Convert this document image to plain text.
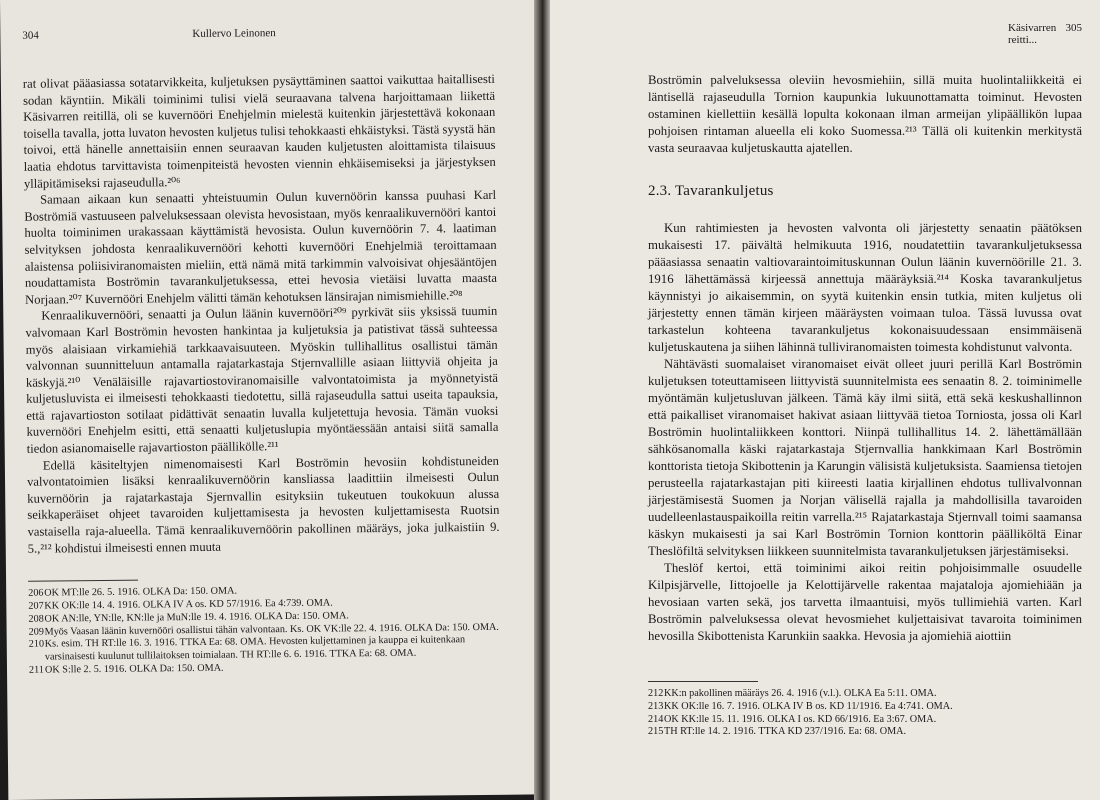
304	Kullervo Leinonen

rat olivat pääasiassa sotatarvikkeita, kuljetuksen pysäyttäminen saattoi vaikuttaa haitallisesti sodan käyntiin. Mikäli toiminimi tulisi vielä seuraavana talvena harjoittamaan liikettä Käsivarren reitillä, oli se kuvernööri Enehjelmin mielestä kuitenkin järjestettävä kokonaan toisella tavalla, jotta luvaton hevosten kuljetus tulisi tehokkaasti ehkäistyksi. Tästä syystä hän toivoi, että hänelle annettaisiin ennen seuraavan kauden kuljetusten aloittamista tilaisuus laatia ehdotus tarvittavista toimenpiteistä hevosten viennin ehkäisemiseksi ja järjestyksen ylläpitämiseksi rajaseudulla.²⁰⁶

Samaan aikaan kun senaatti yhteistuumin Oulun kuvernöörin kanssa puuhasi Karl Boströmiä vastuuseen palveluksessaan olevista hevosistaan, myös kenraalikuvernööri kantoi huolta toiminimen urakassaan käyttämistä hevosista. Oulun kuvernöörin 7. 4. laatiman selvityksen johdosta kenraalikuvernööri kehotti kuvernööri Enehjelmiä teroittamaan alaistensa poliisiviranomaisten mieliin, että nämä mitä tarkimmin valvoisivat ohjesääntöjen noudattamista Boströmin tavarankuljetuksessa, ettei hevosia vietäisi luvatta maasta Norjaan.²⁰⁷ Kuvernööri Enehjelm välitti tämän kehotuksen länsirajan nimismiehille.²⁰⁸

Kenraalikuvernööri, senaatti ja Oulun läänin kuvernööri²⁰⁹ pyrkivät siis yksissä tuumin valvomaan Karl Boströmin hevosten hankintaa ja kuljetuksia ja patistivat tässä suhteessa myös alaisiaan virkamiehiä tarkkaavaisuuteen. Myöskin tullihallitus osallistui tämän valvonnan suunnitteluun antamalla rajatarkastaja Stjernvallille asiaan liittyviä ohjeita ja käskyjä.²¹⁰ Venäläisille rajavartiostoviranomaisille valvontatoimista ja myönnetyistä kuljetusluvista ei ilmeisesti tehokkaasti tiedotettu, sillä rajaseudulla sattui useita tapauksia, että rajavartioston sotilaat pidättivät senaatin luvalla kuljetettuja hevosia. Tämän vuoksi kuvernööri Enehjelm esitti, että senaatti kuljetuslupia myöntäessään antaisi siitä samalla tiedon asianomaiselle rajavartioston päällikölle.²¹¹

Edellä käsiteltyjen nimenomaisesti Karl Boströmin hevosiin kohdistuneiden valvontatoimien lisäksi kenraalikuvernöörin kansliassa laadittiin ilmeisesti Oulun kuvernöörin ja rajatarkastaja Sjernvallin esityksiin tukeutuen toukokuun alussa seikkaperäiset ohjeet tavaroiden kuljettamisesta ja hevosten kuljettamisesta Ruotsin vastaisella raja-alueella. Tämä kenraalikuvernöörin pakollinen määräys, joka julkaistiin 9. 5.,²¹² kohdistui ilmeisesti ennen muuta

206OK MT:lle 26. 5. 1916. OLKA Da: 150. OMA.

207KK OK:lle 14. 4. 1916. OLKA IV A os. KD 57/1916. Ea 4:739. OMA.

208OK AN:lle, YN:lle, KN:lle ja MuN:lle 19. 4. 1916. OLKA Da: 150. OMA.

209Myös Vaasan läänin kuvernööri osallistui tähän valvontaan. Ks. OK VK:lle 22. 4. 1916. OLKA Da: 150. OMA.

210Ks. esim. TH RT:lle 16. 3. 1916. TTKA Ea: 68. OMA. Hevosten kuljettaminen ja kauppa ei kuitenkaan varsinaisesti kuulunut tullilaitoksen toimialaan. TH RT:lle 6. 6. 1916. TTKA Ea: 68. OMA.

211OK S:lle 2. 5. 1916. OLKA Da: 150. OMA.

Käsivarren reitti...
305

Boströmin palveluksessa oleviin hevosmiehiin, sillä muita huolintaliikkeitä ei läntisellä rajaseudulla Tornion kaupunkia lukuunottamatta toiminut. Hevosten ostaminen kiellettiin kesällä lopulta kokonaan ilman armeijan ylipäällikön lupaa pohjoisen rintaman alueella eli koko Suomessa.²¹³ Tällä oli kuitenkin merkitystä vasta seuraavaa kuljetuskautta ajatellen.

2.3. Tavarankuljetus

Kun rahtimiesten ja hevosten valvonta oli järjestetty senaatin päätöksen mukaisesti 17. päivältä helmikuuta 1916, noudatettiin tavarankuljetuksessa pääasiassa senaatin valtiovaraintoimituskunnan Oulun läänin kuvernöörille 21. 3. 1916 lähettämässä kirjeessä annettuja määräyksiä.²¹⁴ Koska tavarankuljetus käynnistyi jo aikaisemmin, on syytä kuitenkin ensin tutkia, miten kuljetus oli järjestetty ennen tämän kirjeen määräysten voimaan tuloa. Tässä luvussa ovat tarkastelun kohteena tavarankuljetus kokonaisuudessaan ensimmäisenä kuljetuskautena ja siihen lähinnä tulliviranomaisten toimesta kohdistunut valvonta.

Nähtävästi suomalaiset viranomaiset eivät olleet juuri perillä Karl Boströmin kuljetuksen toteuttamiseen liittyvistä suunnitelmista ees senaatin 8. 2. toiminimelle myöntämän kuljetusluvan jälkeen. Tämä käy ilmi siitä, että sekä keskushallinnon että paikalliset viranomaiset hakivat asiaan liittyvää tietoa Torniosta, jossa oli Karl Boströmin huolintaliikkeen konttori. Niinpä tullihallitus 14. 2. lähettämällään sähkösanomalla käski rajatarkastaja Stjernvallia hankkimaan Karl Boströmin konttorista tietoja Skibottenin ja Karungin välisistä kuljetuksista. Saamiensa tietojen perusteella rajatarkastajan piti kiireesti laatia kirjallinen ehdotus tullivalvonnan järjestämisestä Suomen ja Norjan välisellä rajalla ja mahdollisilla tavaroiden uudelleenlastauspaikoilla reitin varrella.²¹⁵ Rajatarkastaja Stjernvall toimi saamansa käskyn mukaisesti ja sai Karl Boströmin Tornion konttorin päälliköltä Einar Theslöfiltä selvityksen liikkeen suunnitelmista tavarankuljetuksen järjestämiseksi.

Theslöf kertoi, että toiminimi aikoi reitin pohjoisimmalle osuudelle Kilpisjärvelle, Iittojoelle ja Kelottijärvelle rakentaa majataloja ajomiehiään ja hevosiaan varten sekä, jos tarvetta ilmaantuisi, myös tullimiehiä varten. Karl Boströmin palveluksessa olevat hevosmiehet kuljettaisivat tavaroita toiminimen hevosilla Skibottenista Karunkiin saakka. Hevosia ja ajomiehiä aiottiin

212KK:n pakollinen määräys 26. 4. 1916 (v.l.). OLKA Ea 5:11. OMA.

213KK OK:lle 16. 7. 1916. OLKA IV B os. KD 11/1916. Ea 4:741. OMA.

214OK KK:lle 15. 11. 1916. OLKA I os. KD 66/1916. Ea 3:67. OMA.

215TH RT:lle 14. 2. 1916. TTKA KD 237/1916. Ea: 68. OMA.
